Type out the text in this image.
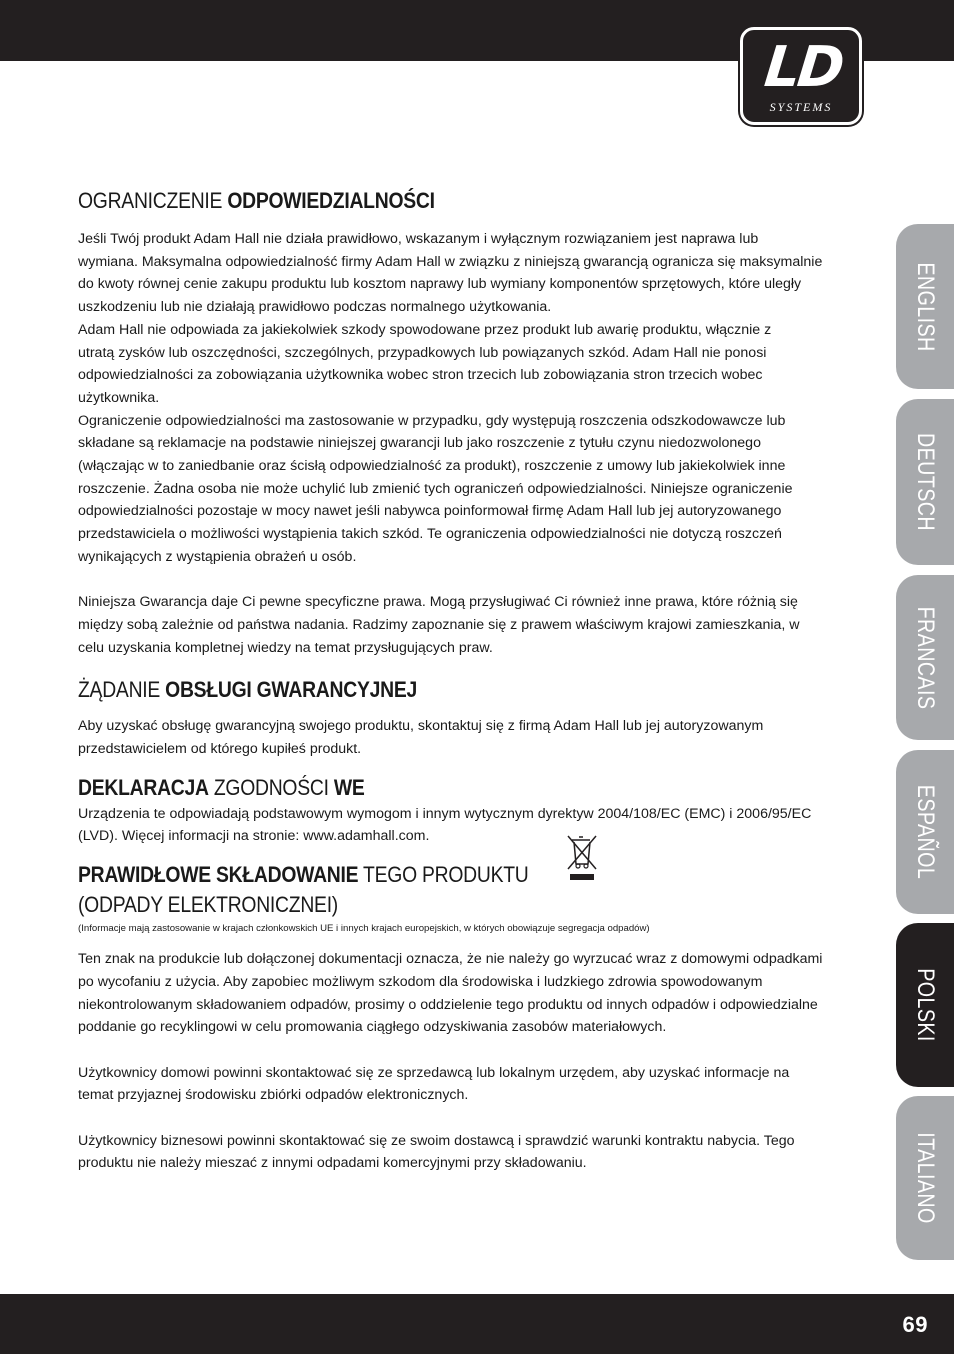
LD
SYSTEMS
OGRANICZENIE ODPOWIEDZIALNOŚCI

Jeśli Twój produkt Adam Hall nie działa prawidłowo, wskazanym i wyłącznym rozwiązaniem jest naprawa lub
wymiana. Maksymalna odpowiedzialność firmy Adam Hall w związku z niniejszą gwarancją ogranicza się maksymalnie
do kwoty równej cenie zakupu produktu lub kosztom naprawy lub wymiany komponentów sprzętowych, które uległy
uszkodzeniu lub nie działają prawidłowo podczas normalnego użytkowania.
Adam Hall nie odpowiada za jakiekolwiek szkody spowodowane przez produkt lub awarię produktu, włącznie z
utratą zysków lub oszczędności, szczególnych, przypadkowych lub powiązanych szkód. Adam Hall nie ponosi
odpowiedzialności za zobowiązania użytkownika wobec stron trzecich lub zobowiązania stron trzecich wobec
użytkownika.
Ograniczenie odpowiedzialności ma zastosowanie w przypadku, gdy występują roszczenia odszkodowawcze lub
składane są reklamacje na podstawie niniejszej gwarancji lub jako roszczenie z tytułu czynu niedozwolonego
(włączając w to zaniedbanie oraz ścisłą odpowiedzialność za produkt), roszczenie z umowy lub jakiekolwiek inne
roszczenie. Żadna osoba nie może uchylić lub zmienić tych ograniczeń odpowiedzialności. Niniejsze ograniczenie
odpowiedzialności pozostaje w mocy nawet jeśli nabywca poinformował firmę Adam Hall lub jej autoryzowanego
przedstawiciela o możliwości wystąpienia takich szkód. Te ograniczenia odpowiedzialności nie dotyczą roszczeń
wynikających z wystąpienia obrażeń u osób.

Niniejsza Gwarancja daje Ci pewne specyficzne prawa. Mogą przysługiwać Ci również inne prawa, które różnią się
między sobą zależnie od państwa nadania. Radzimy zapoznanie się z prawem właściwym krajowi zamieszkania, w
celu uzyskania kompletnej wiedzy na temat przysługujących praw.

ŻĄDANIE OBSŁUGI GWARANCYJNEJ

Aby uzyskać obsługę gwarancyjną swojego produktu, skontaktuj się z firmą Adam Hall lub jej autoryzowanym
przedstawicielem od którego kupiłeś produkt.

DEKLARACJA ZGODNOŚCI WE

Urządzenia te odpowiadają podstawowym wymogom i innym wytycznym dyrektyw 2004/108/EC (EMC) i 2006/95/EC
(LVD). Więcej informacji na stronie: www.adamhall.com.

PRAWIDŁOWE SKŁADOWANIE TEGO PRODUKTU
(ODPADY ELEKTRONICZNEI)

(Informacje mają zastosowanie w krajach członkowskich UE i innych krajach europejskich, w których obowiązuje segregacja odpadów)

Ten znak na produkcie lub dołączonej dokumentacji oznacza, że nie należy go wyrzucać wraz z domowymi odpadkami
po wycofaniu z użycia. Aby zapobiec możliwym szkodom dla środowiska i ludzkiego zdrowia spowodowanym
niekontrolowanym składowaniem odpadów, prosimy o oddzielenie tego produktu od innych odpadów i odpowiedzialne
poddanie go recyklingowi w celu promowania ciągłego odzyskiwania zasobów materiałowych.

Użytkownicy domowi powinni skontaktować się ze sprzedawcą lub lokalnym urzędem, aby uzyskać informacje na
temat przyjaznej środowisku zbiórki odpadów elektronicznych.

Użytkownicy biznesowi powinni skontaktować się ze swoim dostawcą i sprawdzić warunki kontraktu nabycia. Tego
produktu nie należy mieszać z innymi odpadami komercyjnymi przy składowaniu.

ENGLISH
DEUTSCH
FRANCAIS
ESPAÑOL
POLSKI
ITALIANO
69
